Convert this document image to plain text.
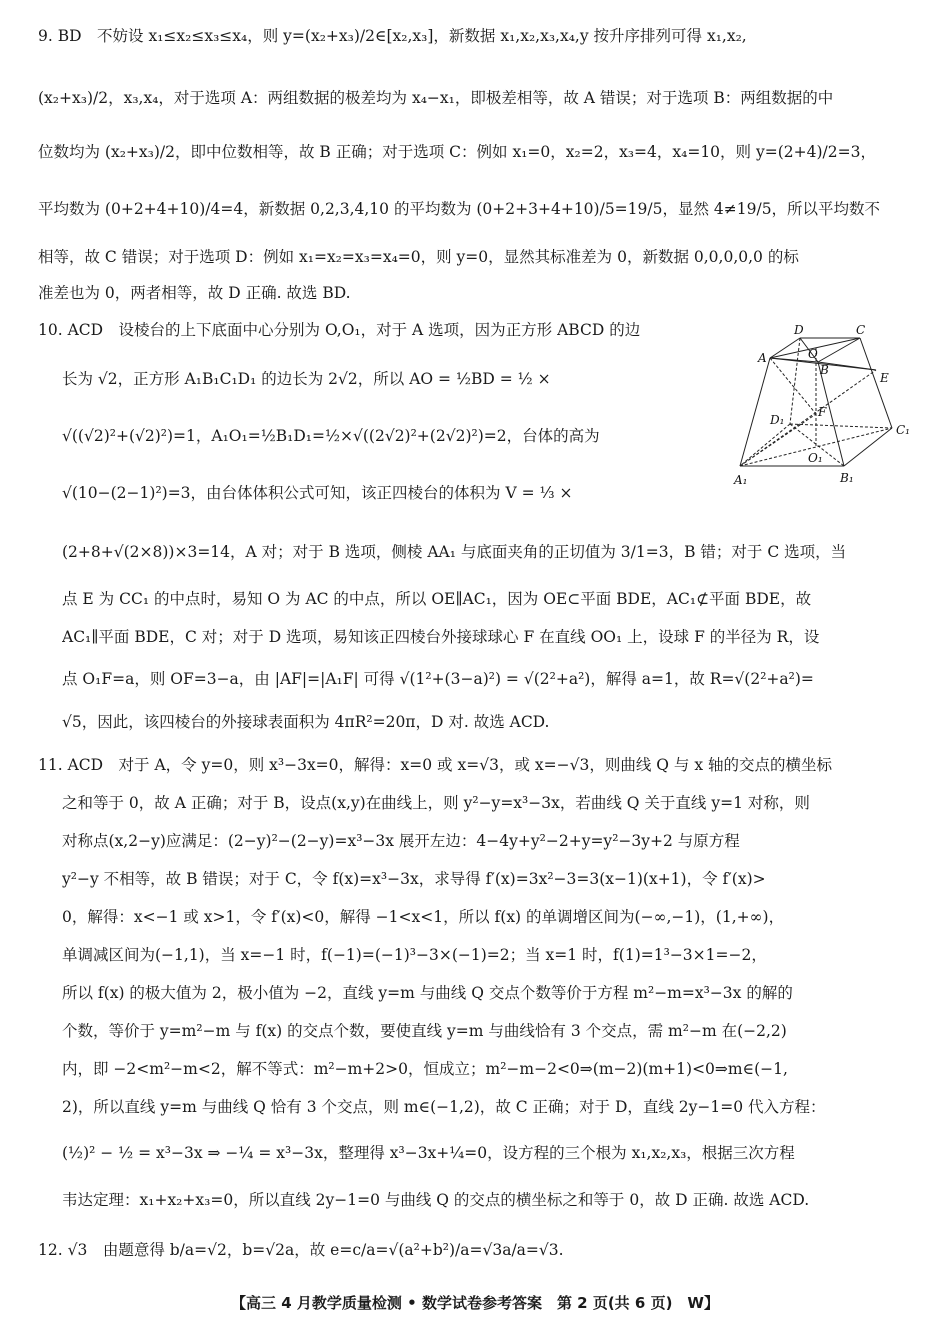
9. BD　不妨设 x₁≤x₂≤x₃≤x₄，则 y=(x₂+x₃)/2∈[x₂,x₃]，新数据 x₁,x₂,x₃,x₄,y 按升序排列可得 x₁,x₂,
(x₂+x₃)/2，x₃,x₄，对于选项 A：两组数据的极差均为 x₄−x₁，即极差相等，故 A 错误；对于选项 B：两组数据的中
位数均为 (x₂+x₃)/2，即中位数相等，故 B 正确；对于选项 C：例如 x₁=0，x₂=2，x₃=4，x₄=10，则 y=(2+4)/2=3，
平均数为 (0+2+4+10)/4=4，新数据 0,2,3,4,10 的平均数为 (0+2+3+4+10)/5=19/5，显然 4≠19/5，所以平均数不
相等，故 C 错误；对于选项 D：例如 x₁=x₂=x₃=x₄=0，则 y=0，显然其标准差为 0，新数据 0,0,0,0,0 的标
准差也为 0，两者相等，故 D 正确. 故选 BD.
10. ACD　设棱台的上下底面中心分别为 O,O₁，对于 A 选项，因为正方形 ABCD 的边
长为 √2，正方形 A₁B₁C₁D₁ 的边长为 2√2，所以 AO = ½BD = ½ ×
√((√2)²+(√2)²)=1，A₁O₁=½B₁D₁=½×√((2√2)²+(2√2)²)=2，台体的高为
√(10−(2−1)²)=3，由台体体积公式可知，该正四棱台的体积为 V = ⅓ ×
(2+8+√(2×8))×3=14，A 对；对于 B 选项，侧棱 AA₁ 与底面夹角的正切值为 3/1=3，B 错；对于 C 选项，当
点 E 为 CC₁ 的中点时，易知 O 为 AC 的中点，所以 OE∥AC₁，因为 OE⊂平面 BDE，AC₁⊄平面 BDE，故
AC₁∥平面 BDE，C 对；对于 D 选项，易知该正四棱台外接球球心 F 在直线 OO₁ 上，设球 F 的半径为 R，设
点 O₁F=a，则 OF=3−a，由 |AF|=|A₁F| 可得 √(1²+(3−a)²) = √(2²+a²)，解得 a=1，故 R=√(2²+a²)=
√5，因此，该四棱台的外接球表面积为 4πR²=20π，D 对. 故选 ACD.
11. ACD　对于 A，令 y=0，则 x³−3x=0，解得：x=0 或 x=√3，或 x=−√3，则曲线 Q 与 x 轴的交点的横坐标
之和等于 0，故 A 正确；对于 B，设点(x,y)在曲线上，则 y²−y=x³−3x，若曲线 Q 关于直线 y=1 对称，则
对称点(x,2−y)应满足：(2−y)²−(2−y)=x³−3x 展开左边：4−4y+y²−2+y=y²−3y+2 与原方程
y²−y 不相等，故 B 错误；对于 C，令 f(x)=x³−3x，求导得 f′(x)=3x²−3=3(x−1)(x+1)，令 f′(x)>
0，解得：x<−1 或 x>1，令 f′(x)<0，解得 −1<x<1，所以 f(x) 的单调增区间为(−∞,−1)，(1,+∞)，
单调减区间为(−1,1)，当 x=−1 时，f(−1)=(−1)³−3×(−1)=2；当 x=1 时，f(1)=1³−3×1=−2，
所以 f(x) 的极大值为 2，极小值为 −2，直线 y=m 与曲线 Q 交点个数等价于方程 m²−m=x³−3x 的解的
个数，等价于 y=m²−m 与 f(x) 的交点个数，要使直线 y=m 与曲线恰有 3 个交点，需 m²−m 在(−2,2)
内，即 −2<m²−m<2，解不等式：m²−m+2>0，恒成立；m²−m−2<0⇒(m−2)(m+1)<0⇒m∈(−1,
2)，所以直线 y=m 与曲线 Q 恰有 3 个交点，则 m∈(−1,2)，故 C 正确；对于 D，直线 2y−1=0 代入方程：
(½)² − ½ = x³−3x ⇒ −¼ = x³−3x，整理得 x³−3x+¼=0，设方程的三个根为 x₁,x₂,x₃，根据三次方程
韦达定理：x₁+x₂+x₃=0，所以直线 2y−1=0 与曲线 Q 的交点的横坐标之和等于 0，故 D 正确. 故选 ACD.
12. √3　由题意得 b/a=√2，b=√2a，故 e=c/a=√(a²+b²)/a=√3a/a=√3.
D	C
A	O
B
E
D₁
F
C₁
O₁
A₁	B₁
【高三 4 月教学质量检测 • 数学试卷参考答案　第 2 页(共 6 页)　W】
